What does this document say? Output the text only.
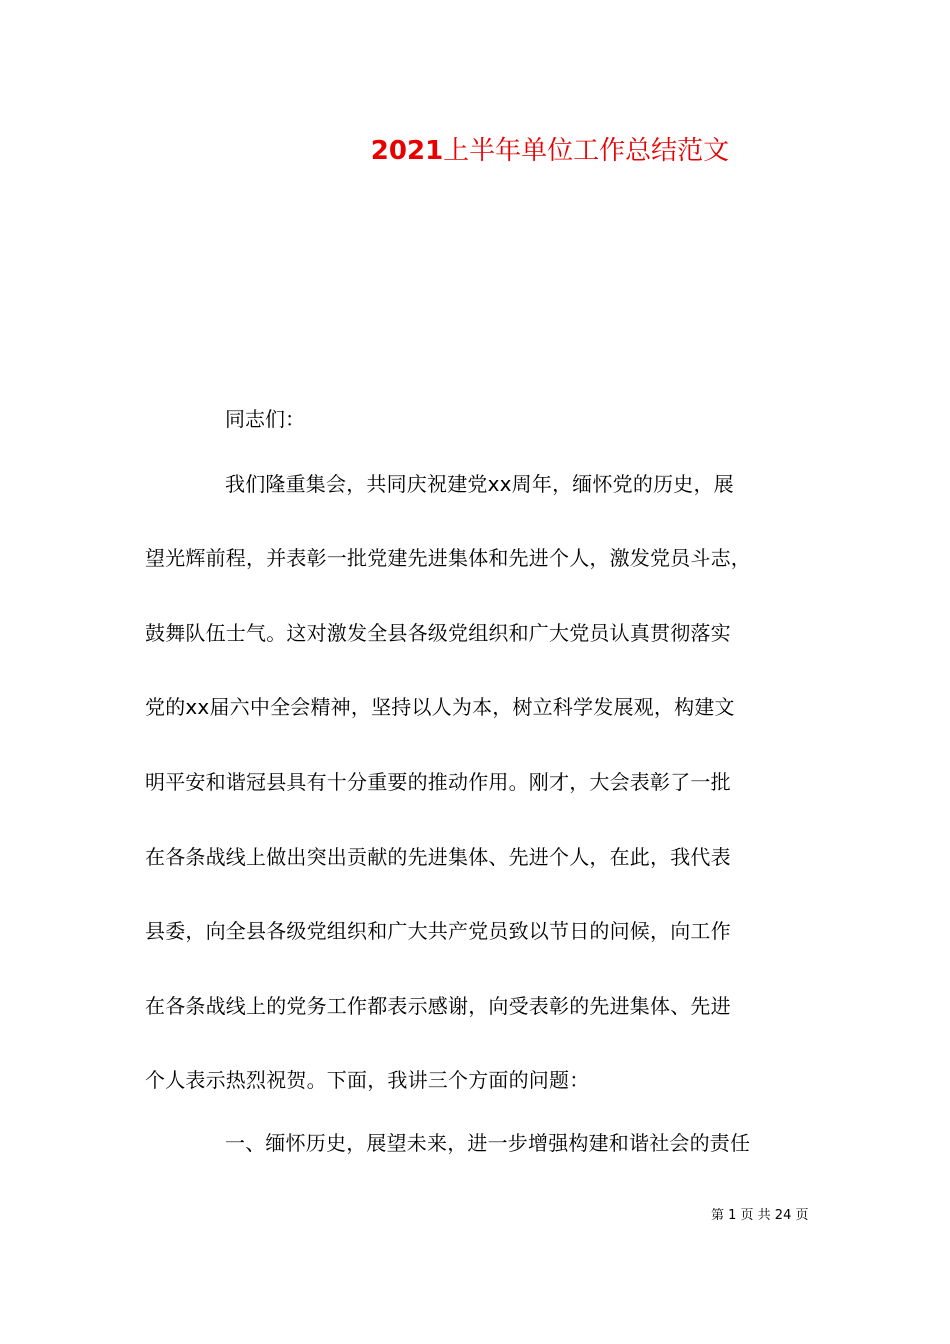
2021上半年单位工作总结范文
同志们：
我们隆重集会，共同庆祝建党xx周年，缅怀党的历史，展
望光辉前程，并表彰一批党建先进集体和先进个人，激发党员斗志，
鼓舞队伍士气。这对激发全县各级党组织和广大党员认真贯彻落实
党的xx届六中全会精神，坚持以人为本，树立科学发展观，构建文
明平安和谐冠县具有十分重要的推动作用。刚才，大会表彰了一批
在各条战线上做出突出贡献的先进集体、先进个人，在此，我代表
县委，向全县各级党组织和广大共产党员致以节日的问候，向工作
在各条战线上的党务工作都表示感谢，向受表彰的先进集体、先进
个人表示热烈祝贺。下面，我讲三个方面的问题：
一、缅怀历史，展望未来，进一步增强构建和谐社会的责任
第 1 页 共 24 页
